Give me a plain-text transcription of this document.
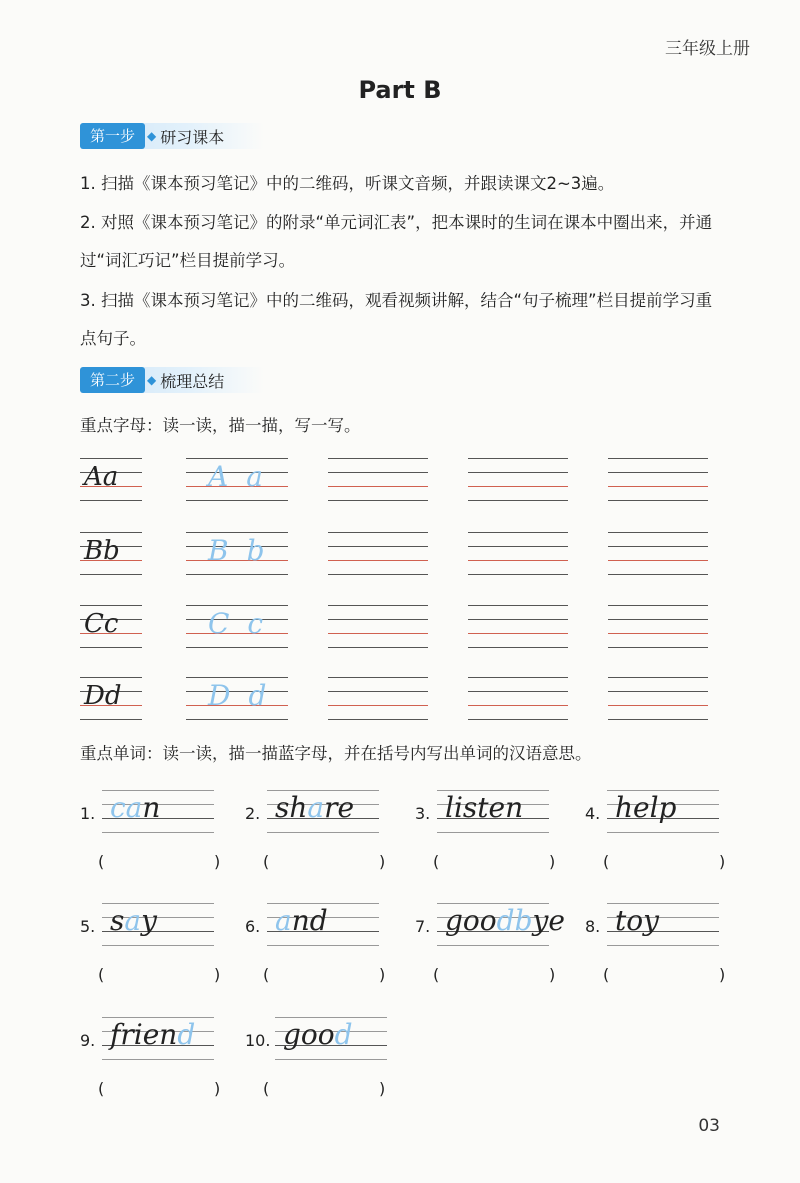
三年级上册
Part B
第一步	◆ 研习课本
1. 扫描《课本预习笔记》中的二维码，听课文音频，并跟读课文2~3遍。
2. 对照《课本预习笔记》的附录“单元词汇表”，把本课时的生词在课本中圈出来，并通过“词汇巧记”栏目提前学习。
3. 扫描《课本预习笔记》中的二维码，观看视频讲解，结合“句子梳理”栏目提前学习重点句子。
第二步	◆ 梳理总结
重点字母：读一读，描一描，写一写。
Aa	Aa
Bb	Bb
Cc	Cc
Dd	Dd
重点单词：读一读，描一描蓝字母，并在括号内写出单词的汉语意思。
1. can
(	)
2. share
(	)
3. listen
(	)
4. help
(	)
5. say
(	)
6. and
(	)
7. goodbye
(	)
8. toy
(	)
9. friend
(	)
10. good
(	)
03
